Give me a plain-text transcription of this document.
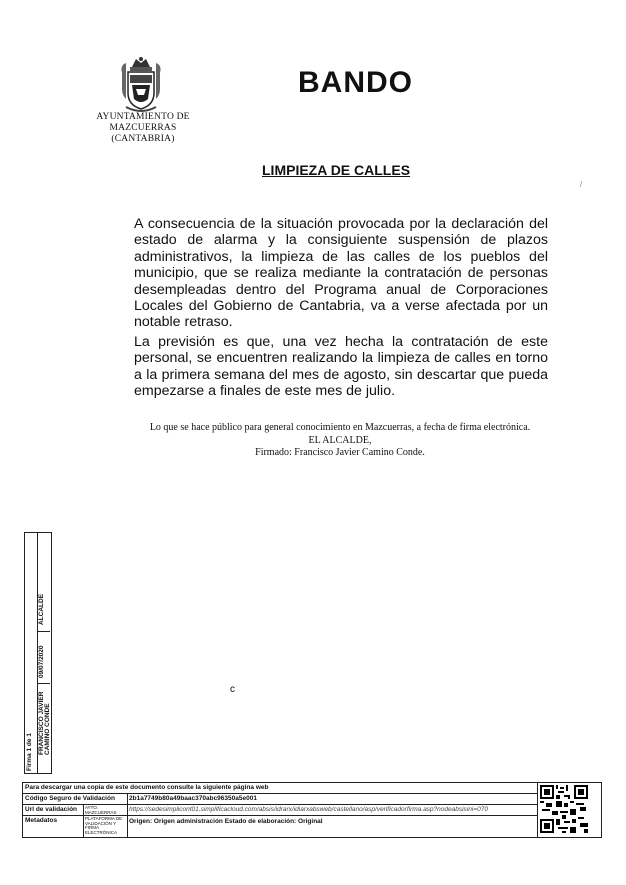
AYUNTAMIENTO DE
MAZCUERRAS
(CANTABRIA)
BANDO
LIMPIEZA DE CALLES
/
A consecuencia de la situación provocada por la declaración del estado de alarma y la consiguiente suspensión de plazos administrativos, la limpieza de las calles de los pueblos del municipio, que se realiza mediante la contratación de personas desempleadas dentro del Programa anual de Corporaciones Locales del Gobierno de Cantabria, va a verse afectada por un notable retraso.
La previsión es que, una vez hecha la contratación de este personal, se encuentren realizando la limpieza de calles en torno a la primera semana del mes de agosto, sin descartar que pueda empezarse a finales de este mes de julio.
Lo que se hace público para general conocimiento en Mazcuerras, a fecha de firma electrónica.
EL ALCALDE,
Firmado: Francisco Javier Camino Conde.
c
ALCALDE
09/07/2020
FRANCISCO JAVIER CAMINO CONDE
Firma 1 de 1
Para descargar una copia de este documento consulte la siguiente página web
Código Seguro de Validación 2b1a7749b80a49baac370abc96350a5e001
Url de validación AYTO. MAZCUERRAS	https://sedesimplicont01.simplificacloud.com/absis/idrarx/idiarxabsweb/castellano/asp/verificadorfirma.asp?nodeabsisini=070
Metadatos	PLATAFORMA DE VALIDACIÓN Y FIRMA ELECTRÓNICA
Origen: Origen administración Estado de elaboración: Original
